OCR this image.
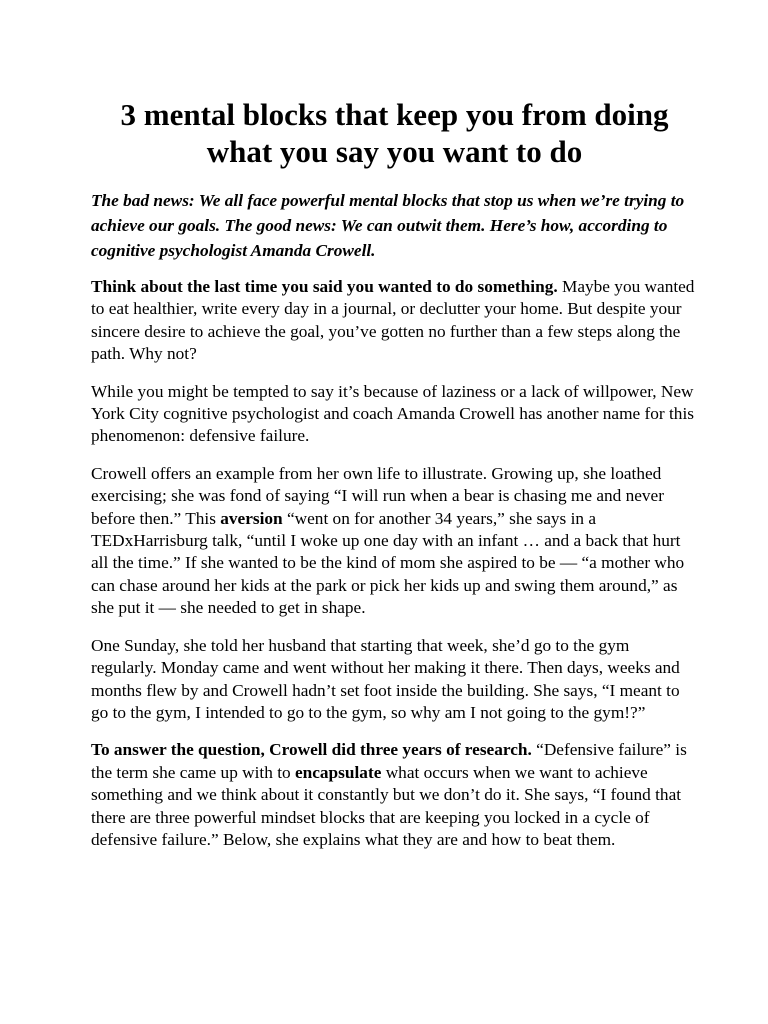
3 mental blocks that keep you from doing
what you say you want to do

The bad news: We all face powerful mental blocks that stop us when we’re trying to achieve our goals. The good news: We can outwit them. Here’s how, according to cognitive psychologist Amanda Crowell.

Think about the last time you said you wanted to do something. Maybe you wanted to eat healthier, write every day in a journal, or declutter your home. But despite your sincere desire to achieve the goal, you’ve gotten no further than a few steps along the path. Why not?

While you might be tempted to say it’s because of laziness or a lack of willpower, New York City cognitive psychologist and coach Amanda Crowell has another name for this phenomenon: defensive failure.

Crowell offers an example from her own life to illustrate. Growing up, she loathed exercising; she was fond of saying “I will run when a bear is chasing me and never before then.” This aversion “went on for another 34 years,” she says in a TEDxHarrisburg talk, “until I woke up one day with an infant … and a back that hurt all the time.” If she wanted to be the kind of mom she aspired to be — “a mother who can chase around her kids at the park or pick her kids up and swing them around,” as she put it — she needed to get in shape.

One Sunday, she told her husband that starting that week, she’d go to the gym regularly. Monday came and went without her making it there. Then days, weeks and months flew by and Crowell hadn’t set foot inside the building. She says, “I meant to go to the gym, I intended to go to the gym, so why am I not going to the gym!?”

To answer the question, Crowell did three years of research. “Defensive failure” is the term she came up with to encapsulate what occurs when we want to achieve something and we think about it constantly but we don’t do it. She says, “I found that there are three powerful mindset blocks that are keeping you locked in a cycle of defensive failure.” Below, she explains what they are and how to beat them.
